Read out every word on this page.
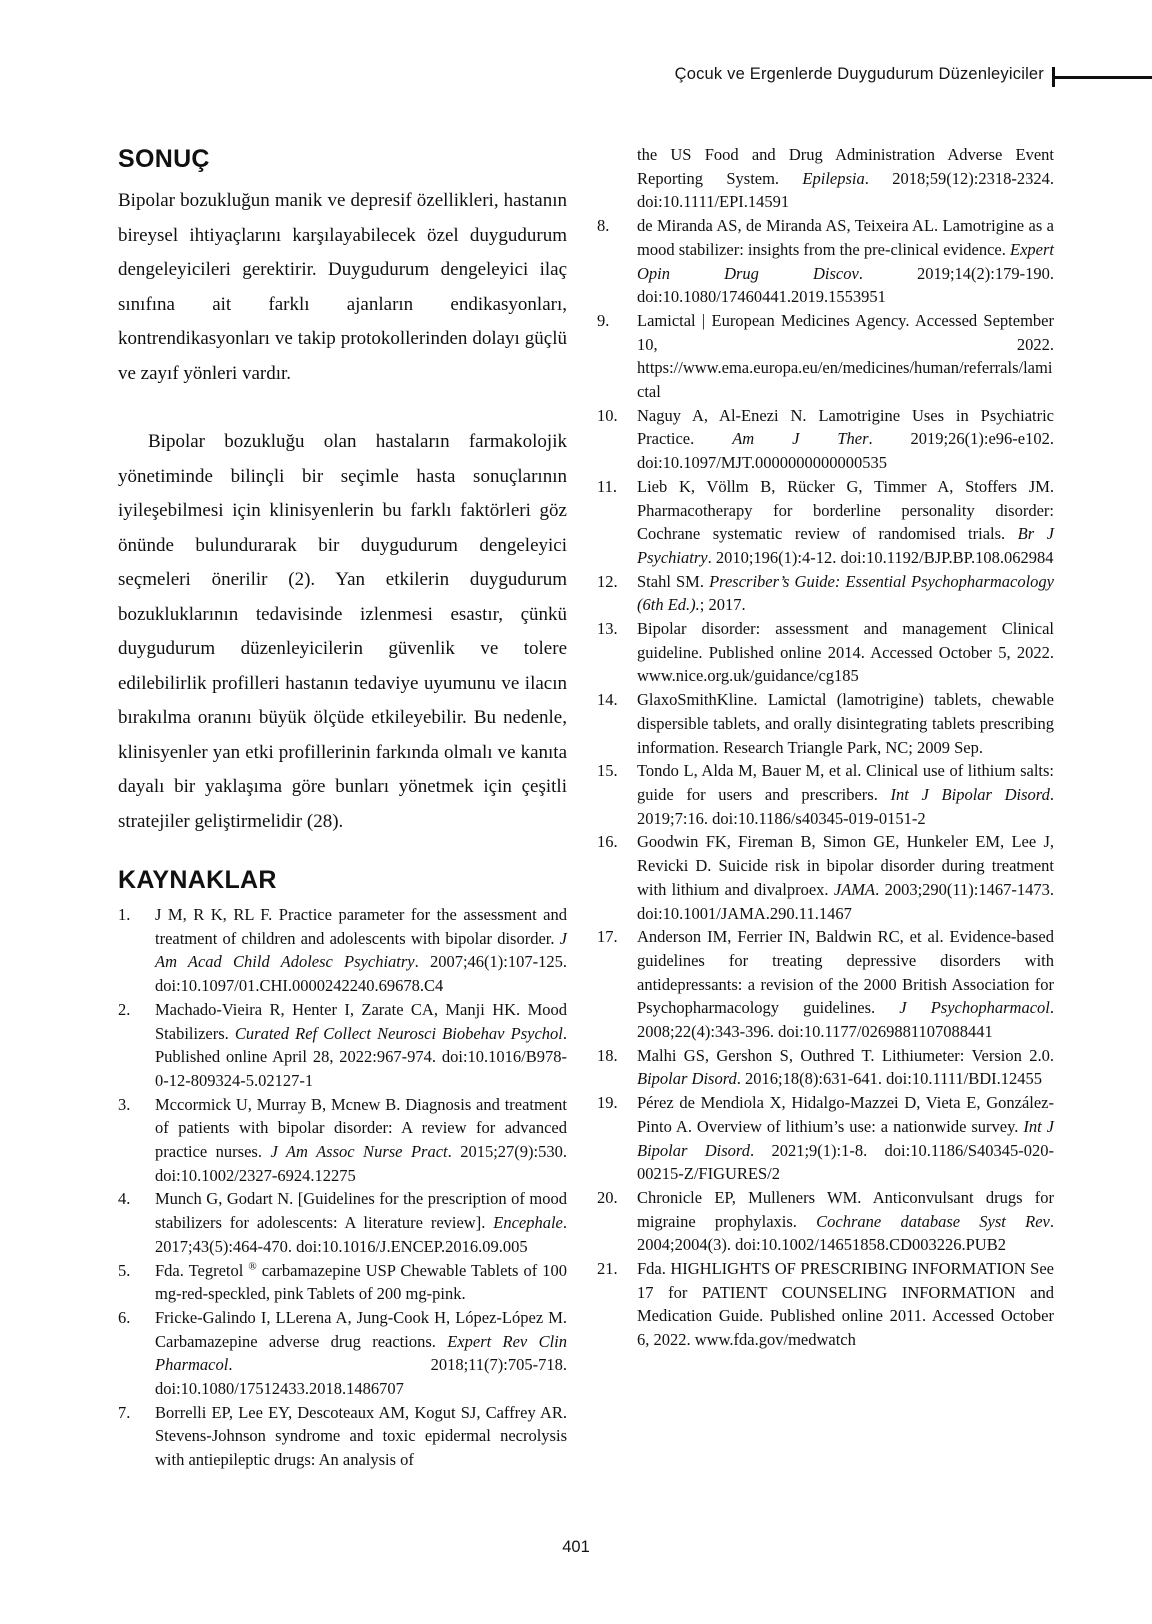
Çocuk ve Ergenlerde Duygudurum Düzenleyiciler
SONUÇ

Bipolar bozukluğun manik ve depresif özellikleri, hastanın bireysel ihtiyaçlarını karşılayabilecek özel duygudurum dengeleyicileri gerektirir. Duygudurum dengeleyici ilaç sınıfına ait farklı ajanların endikasyonları, kontrendikasyonları ve takip protokollerinden dolayı güçlü ve zayıf yönleri vardır.

Bipolar bozukluğu olan hastaların farmakolojik yönetiminde bilinçli bir seçimle hasta sonuçlarının iyileşebilmesi için klinisyenlerin bu farklı faktörleri göz önünde bulundurarak bir duygudurum dengeleyici seçmeleri önerilir (2). Yan etkilerin duygudurum bozukluklarının tedavisinde izlenmesi esastır, çünkü duygudurum düzenleyicilerin güvenlik ve tolere edilebilirlik profilleri hastanın tedaviye uyumunu ve ilacın bırakılma oranını büyük ölçüde etkileyebilir. Bu nedenle, klinisyenler yan etki profillerinin farkında olmalı ve kanıta dayalı bir yaklaşıma göre bunları yönetmek için çeşitli stratejiler geliştirmelidir (28).

KAYNAKLAR
1. J M, R K, RL F. Practice parameter for the assessment and treatment of children and adolescents with bipolar disorder. J Am Acad Child Adolesc Psychiatry. 2007;46(1):107-125. doi:10.1097/01.CHI.0000242240.69678.C4
2. Machado-Vieira R, Henter I, Zarate CA, Manji HK. Mood Stabilizers. Curated Ref Collect Neurosci Biobehav Psychol. Published online April 28, 2022:967-974. doi:10.1016/B978-0-12-809324-5.02127-1
3. Mccormick U, Murray B, Mcnew B. Diagnosis and treatment of patients with bipolar disorder: A review for advanced practice nurses. J Am Assoc Nurse Pract. 2015;27(9):530. doi:10.1002/2327-6924.12275
4. Munch G, Godart N. [Guidelines for the prescription of mood stabilizers for adolescents: A literature review]. Encephale. 2017;43(5):464-470. doi:10.1016/J.ENCEP.2016.09.005
5. Fda. Tegretol ® carbamazepine USP Chewable Tablets of 100 mg-red-speckled, pink Tablets of 200 mg-pink.
6. Fricke-Galindo I, LLerena A, Jung-Cook H, López-López M. Carbamazepine adverse drug reactions. Expert Rev Clin Pharmacol. 2018;11(7):705-718. doi:10.1080/17512433.2018.1486707
7. Borrelli EP, Lee EY, Descoteaux AM, Kogut SJ, Caffrey AR. Stevens-Johnson syndrome and toxic epidermal necrolysis with antiepileptic drugs: An analysis of
the US Food and Drug Administration Adverse Event Reporting System. Epilepsia. 2018;59(12):2318-2324. doi:10.1111/EPI.14591
8. de Miranda AS, de Miranda AS, Teixeira AL. Lamotrigine as a mood stabilizer: insights from the pre-clinical evidence. Expert Opin Drug Discov. 2019;14(2):179-190. doi:10.1080/17460441.2019.1553951
9. Lamictal | European Medicines Agency. Accessed September 10, 2022. https://www.ema.europa.eu/en/medicines/human/referrals/lamictal
10. Naguy A, Al-Enezi N. Lamotrigine Uses in Psychiatric Practice. Am J Ther. 2019;26(1):e96-e102. doi:10.1097/MJT.0000000000000535
11. Lieb K, Völlm B, Rücker G, Timmer A, Stoffers JM. Pharmacotherapy for borderline personality disorder: Cochrane systematic review of randomised trials. Br J Psychiatry. 2010;196(1):4-12. doi:10.1192/BJP.BP.108.062984
12. Stahl SM. Prescriber’s Guide: Essential Psychopharmacology (6th Ed.).; 2017.
13. Bipolar disorder: assessment and management Clinical guideline. Published online 2014. Accessed October 5, 2022. www.nice.org.uk/guidance/cg185
14. GlaxoSmithKline. Lamictal (lamotrigine) tablets, chewable dispersible tablets, and orally disintegrating tablets prescribing information. Research Triangle Park, NC; 2009 Sep.
15. Tondo L, Alda M, Bauer M, et al. Clinical use of lithium salts: guide for users and prescribers. Int J Bipolar Disord. 2019;7:16. doi:10.1186/s40345-019-0151-2
16. Goodwin FK, Fireman B, Simon GE, Hunkeler EM, Lee J, Revicki D. Suicide risk in bipolar disorder during treatment with lithium and divalproex. JAMA. 2003;290(11):1467-1473. doi:10.1001/JAMA.290.11.1467
17. Anderson IM, Ferrier IN, Baldwin RC, et al. Evidence-based guidelines for treating depressive disorders with antidepressants: a revision of the 2000 British Association for Psychopharmacology guidelines. J Psychopharmacol. 2008;22(4):343-396. doi:10.1177/0269881107088441
18. Malhi GS, Gershon S, Outhred T. Lithiumeter: Version 2.0. Bipolar Disord. 2016;18(8):631-641. doi:10.1111/BDI.12455
19. Pérez de Mendiola X, Hidalgo-Mazzei D, Vieta E, González-Pinto A. Overview of lithium’s use: a nationwide survey. Int J Bipolar Disord. 2021;9(1):1-8. doi:10.1186/S40345-020-00215-Z/FIGURES/2
20. Chronicle EP, Mulleners WM. Anticonvulsant drugs for migraine prophylaxis. Cochrane database Syst Rev. 2004;2004(3). doi:10.1002/14651858.CD003226.PUB2
21. Fda. HIGHLIGHTS OF PRESCRIBING INFORMATION See 17 for PATIENT COUNSELING INFORMATION and Medication Guide. Published online 2011. Accessed October 6, 2022. www.fda.gov/medwatch
401
